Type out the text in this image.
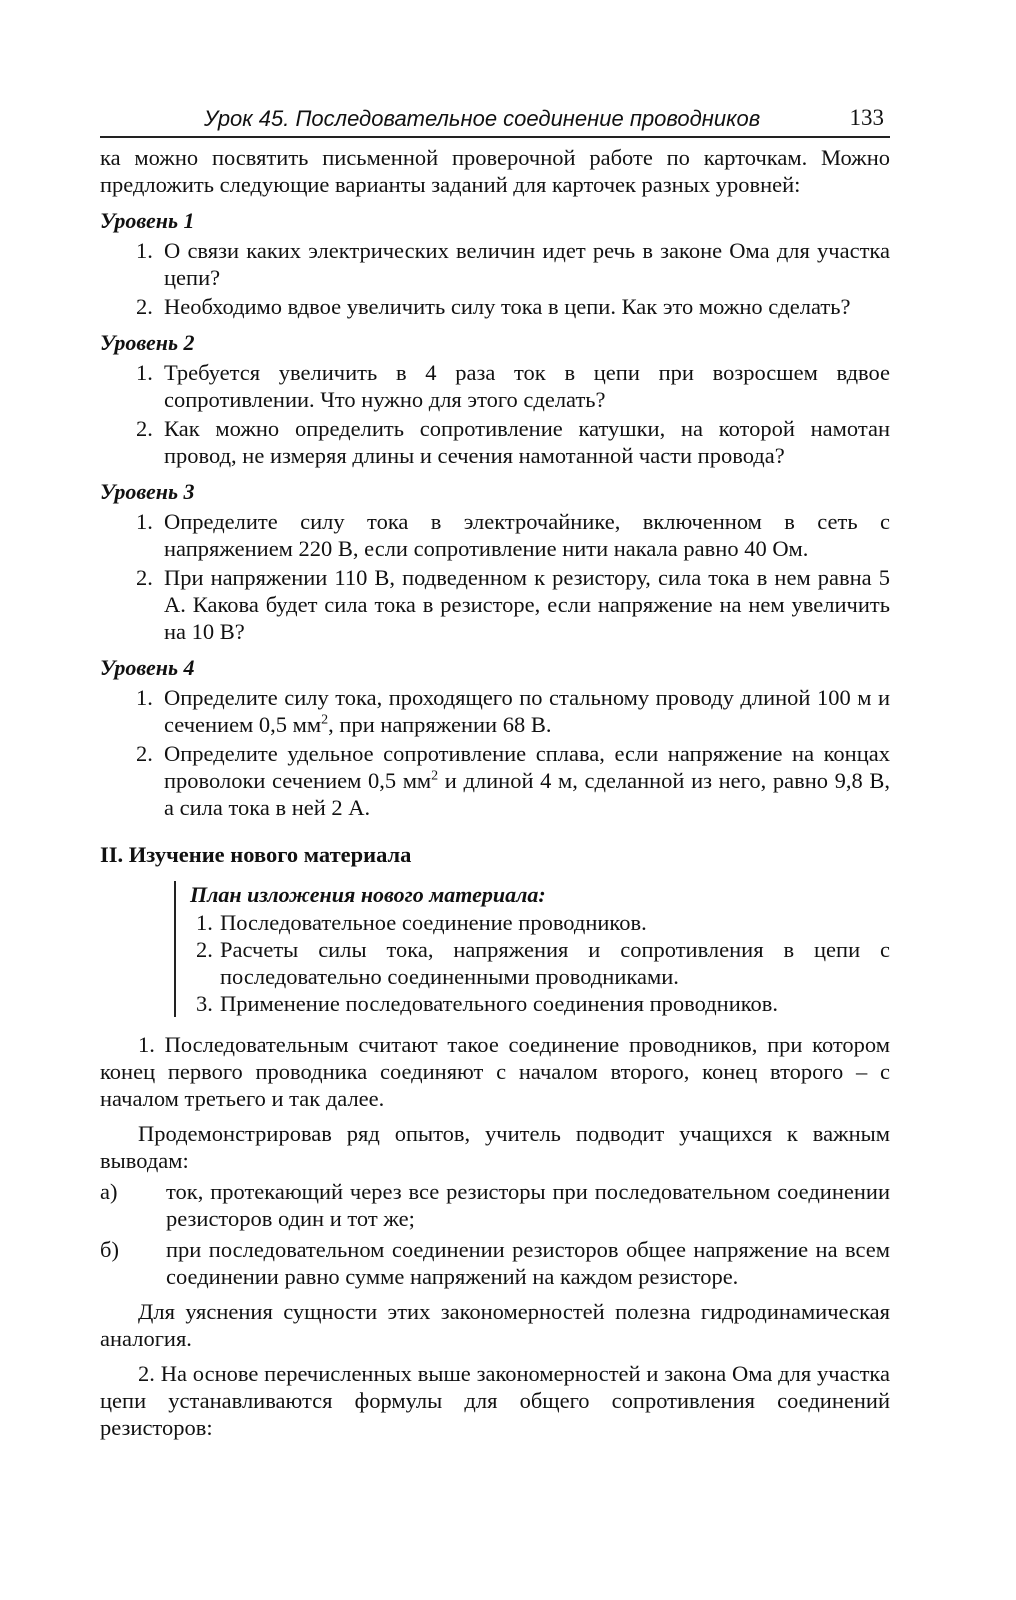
Урок 45. Последовательное соединение проводников	133

ка можно посвятить письменной проверочной работе по карточкам. Можно предложить следующие варианты заданий для карточек разных уровней:

Уровень 1
1. О связи каких электрических величин идет речь в законе Ома для участка цепи?
2. Необходимо вдвое увеличить силу тока в цепи. Как это можно сделать?
Уровень 2
1. Требуется увеличить в 4 раза ток в цепи при возросшем вдвое сопротивлении. Что нужно для этого сделать?
2. Как можно определить сопротивление катушки, на которой намотан провод, не измеряя длины и сечения намотанной части провода?
Уровень 3
1. Определите силу тока в электрочайнике, включенном в сеть с напряжением 220 В, если сопротивление нити накала равно 40 Ом.
2. При напряжении 110 В, подведенном к резистору, сила тока в нем равна 5 А. Какова будет сила тока в резисторе, если напряжение на нем увеличить на 10 В?
Уровень 4
1. Определите силу тока, проходящего по стальному проводу длиной 100 м и сечением 0,5 $мм^2$, при напряжении 68 В.
2. Определите удельное сопротивление сплава, если напряжение на концах проволоки сечением 0,5 $мм^2$ и длиной 4 м, сделанной из него, равно 9,8 В, а сила тока в ней 2 А.
II. Изучение нового материала
План изложения нового материала:
1. Последовательное соединение проводников.
2. Расчеты силы тока, напряжения и сопротивления в цепи с последовательно соединенными проводниками.
3. Применение последовательного соединения проводников.

1. Последовательным считают такое соединение проводников, при котором конец первого проводника соединяют с началом второго, конец второго – с началом третьего и так далее.

Продемонстрировав ряд опытов, учитель подводит учащихся к важным выводам:

а)	ток, протекающий через все резисторы при последовательном соединении резисторов один и тот же;
б)	при последовательном соединении резисторов общее напряжение на всем соединении равно сумме напряжений на каждом резисторе.

Для уяснения сущности этих закономерностей полезна гидродинамическая аналогия.

2. На основе перечисленных выше закономерностей и закона Ома для участка цепи устанавливаются формулы для общего сопротивления соединений резисторов:
